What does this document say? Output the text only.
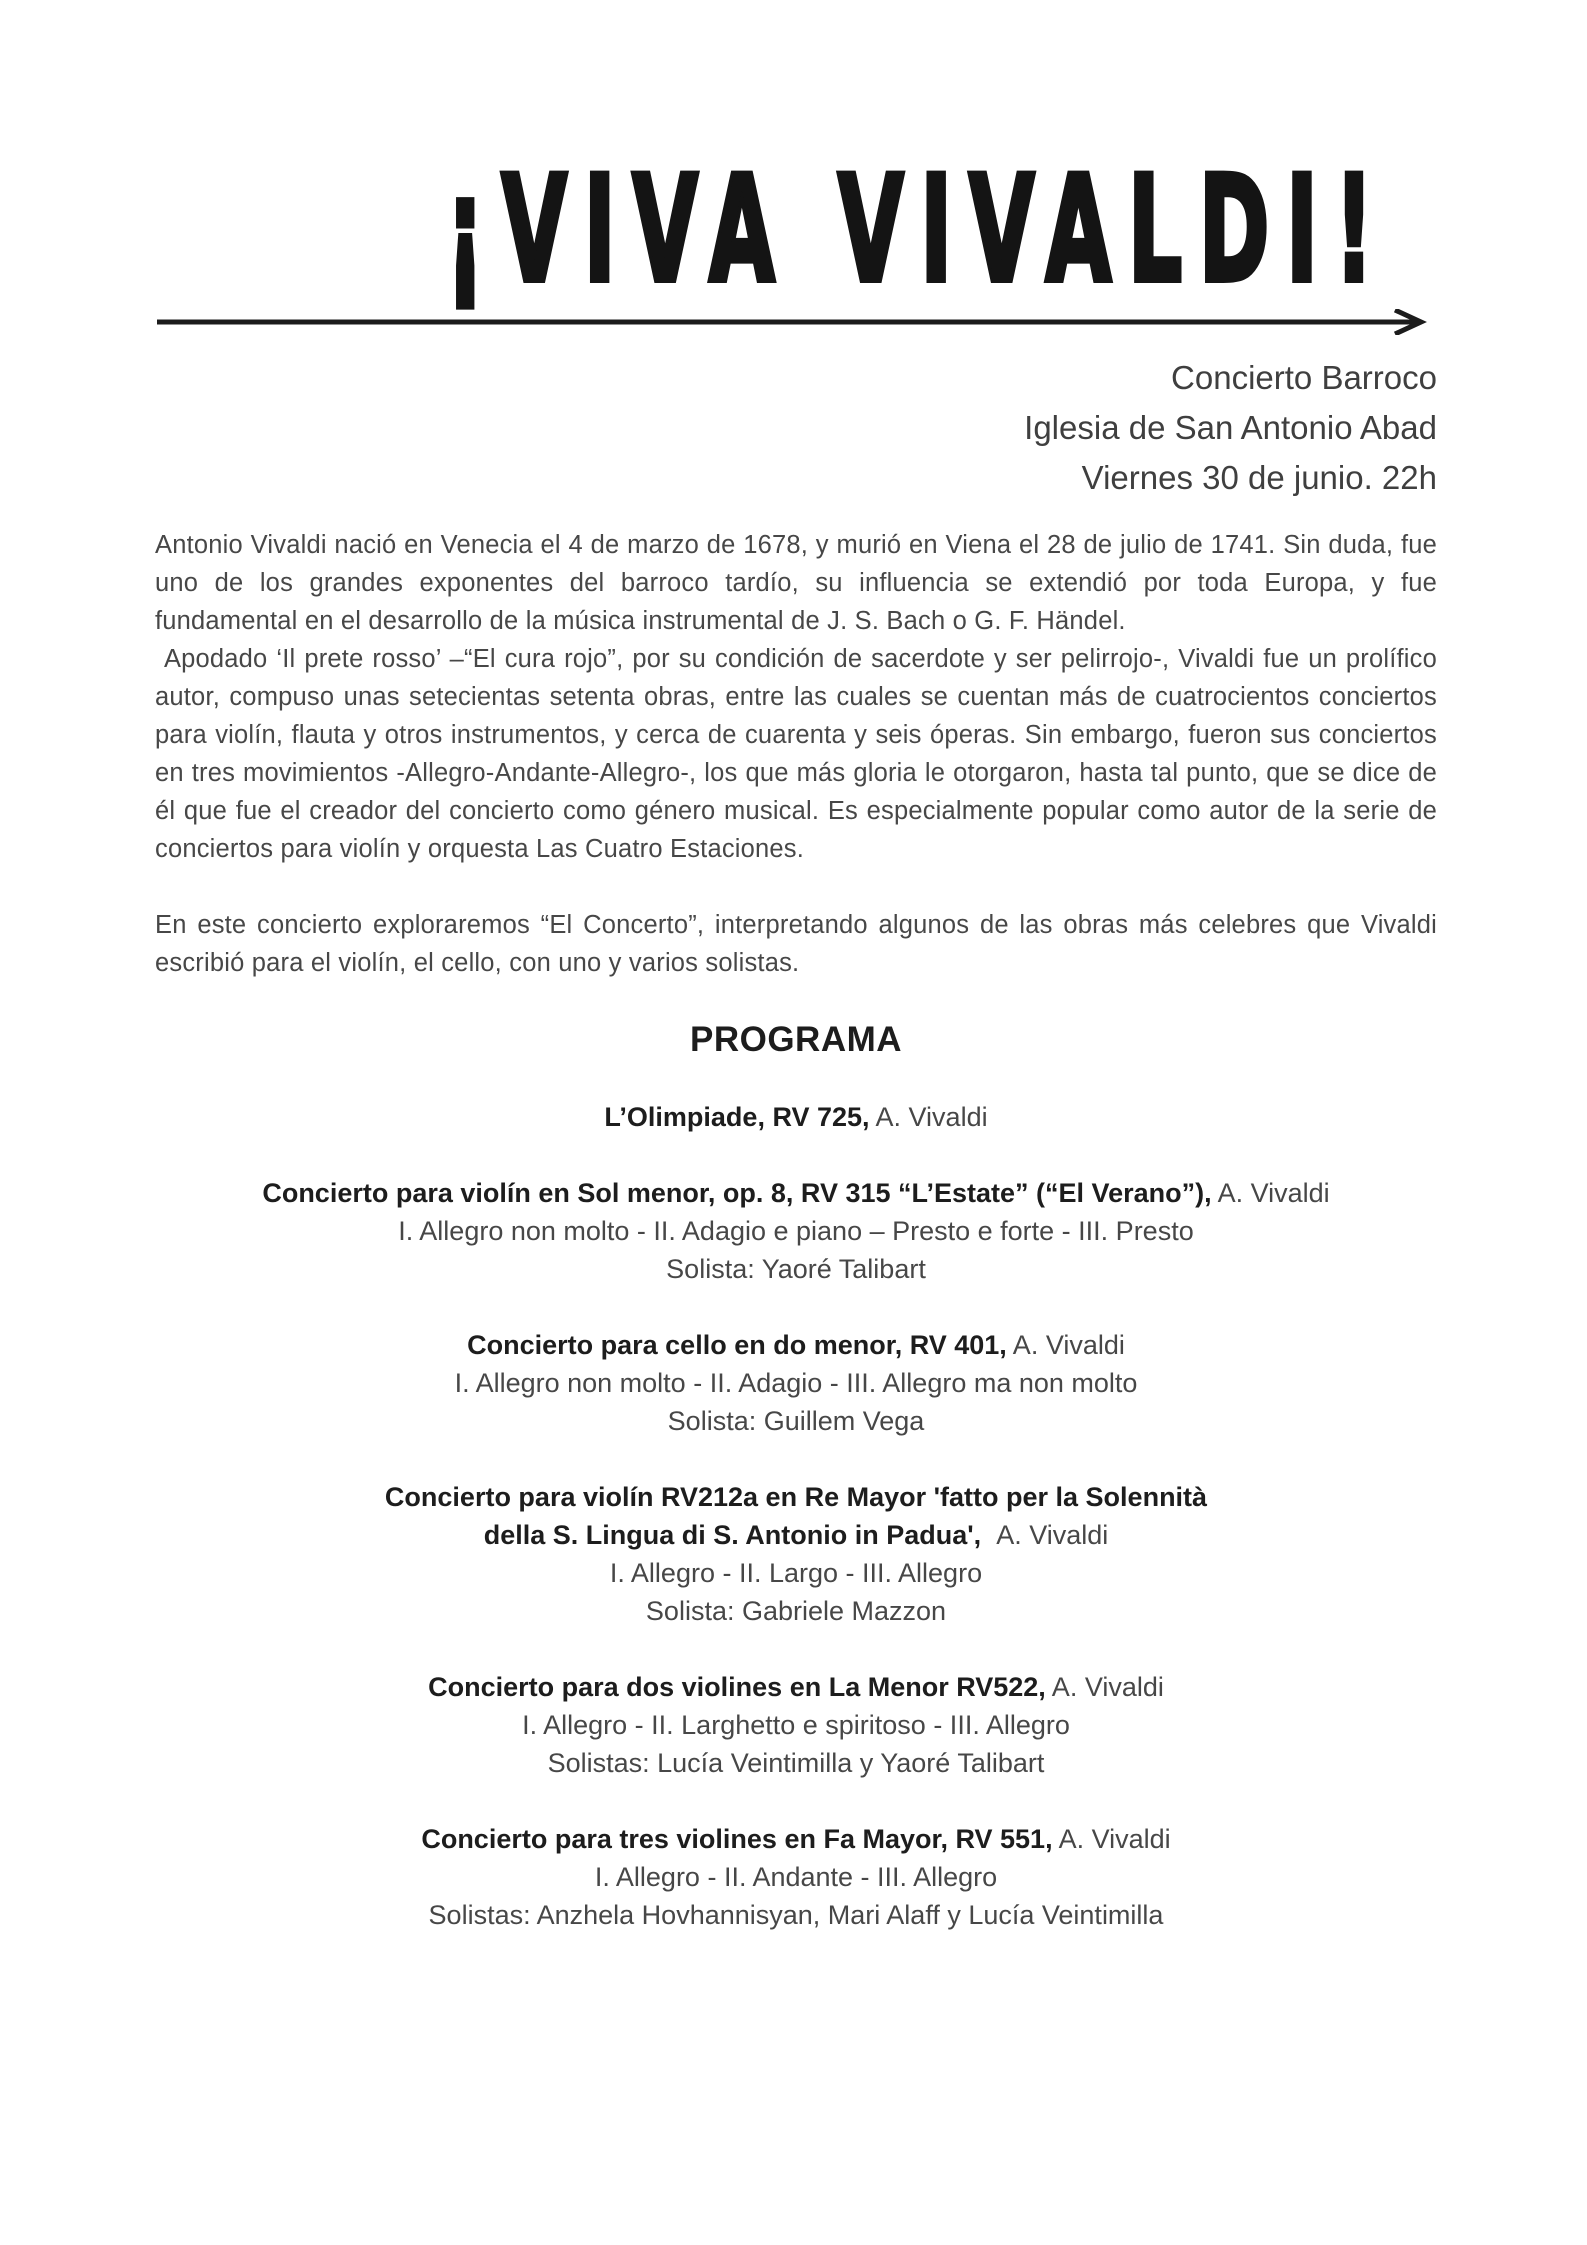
¡VIVA VIVALDI!
Concierto Barroco
Iglesia de San Antonio Abad
Viernes 30 de junio. 22h

Antonio Vivaldi nació en Venecia el 4 de marzo de 1678, y murió en Viena el 28 de julio de 1741. Sin duda, fue uno de los grandes exponentes del barroco tardío, su influencia se extendió por toda Europa, y fue fundamental en el desarrollo de la música instrumental de J. S. Bach o G. F. Händel.

Apodado ‘Il prete rosso’ –“El cura rojo”, por su condición de sacerdote y ser pelirrojo-, Vivaldi fue un prolífico autor, compuso unas setecientas setenta obras, entre las cuales se cuentan más de cuatrocientos conciertos para violín, flauta y otros instrumentos, y cerca de cuarenta y seis óperas. Sin embargo, fueron sus conciertos en tres movimientos -Allegro-Andante-Allegro-, los que más gloria le otorgaron, hasta tal punto, que se dice de él que fue el creador del concierto como género musical. Es especialmente popular como autor de la serie de conciertos para violín y orquesta Las Cuatro Estaciones.

En este concierto exploraremos “El Concerto”, interpretando algunos de las obras más celebres que Vivaldi escribió para el violín, el cello, con uno y varios solistas.

PROGRAMA
L’Olimpiade, RV 725, A. Vivaldi
Concierto para violín en Sol menor, op. 8, RV 315 “L’Estate” (“El Verano”), A. Vivaldi
I. Allegro non molto - II. Adagio e piano – Presto e forte - III. Presto
Solista: Yaoré Talibart
Concierto para cello en do menor, RV 401, A. Vivaldi
I. Allegro non molto - II. Adagio - III. Allegro ma non molto
Solista: Guillem Vega
Concierto para violín RV212a en Re Mayor 'fatto per la Solennità
della S. Lingua di S. Antonio in Padua',  A. Vivaldi
I. Allegro - II. Largo - III. Allegro
Solista: Gabriele Mazzon
Concierto para dos violines en La Menor RV522, A. Vivaldi
I. Allegro - II. Larghetto e spiritoso - III. Allegro
Solistas: Lucía Veintimilla y Yaoré Talibart
Concierto para tres violines en Fa Mayor, RV 551, A. Vivaldi
I. Allegro - II. Andante - III. Allegro
Solistas: Anzhela Hovhannisyan, Mari Alaff y Lucía Veintimilla
